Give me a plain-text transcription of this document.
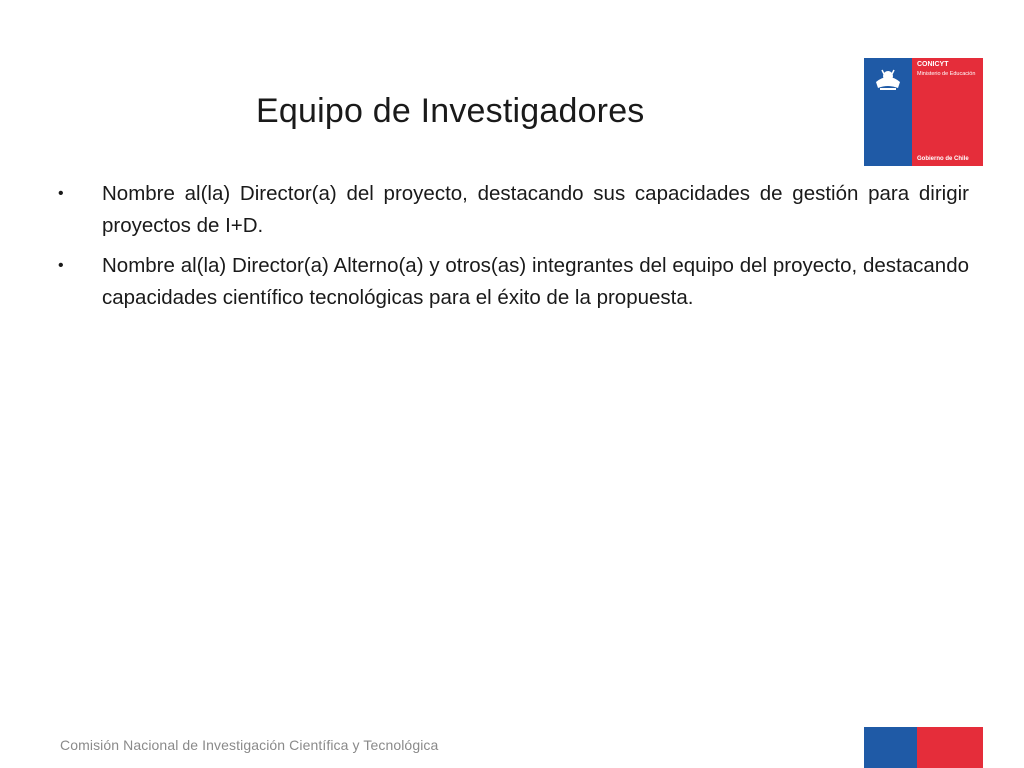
Equipo de Investigadores
• Nombre al(la) Director(a) del proyecto, destacando sus capacidades de gestión para dirigir proyectos de I+D.
• Nombre al(la) Director(a) Alterno(a) y otros(as) integrantes del equipo del proyecto, destacando capacidades científico tecnológicas para el éxito de la propuesta.

CONICYT

Ministerio de Educación
Gobierno de Chile
Comisión Nacional de Investigación Científica y Tecnológica
